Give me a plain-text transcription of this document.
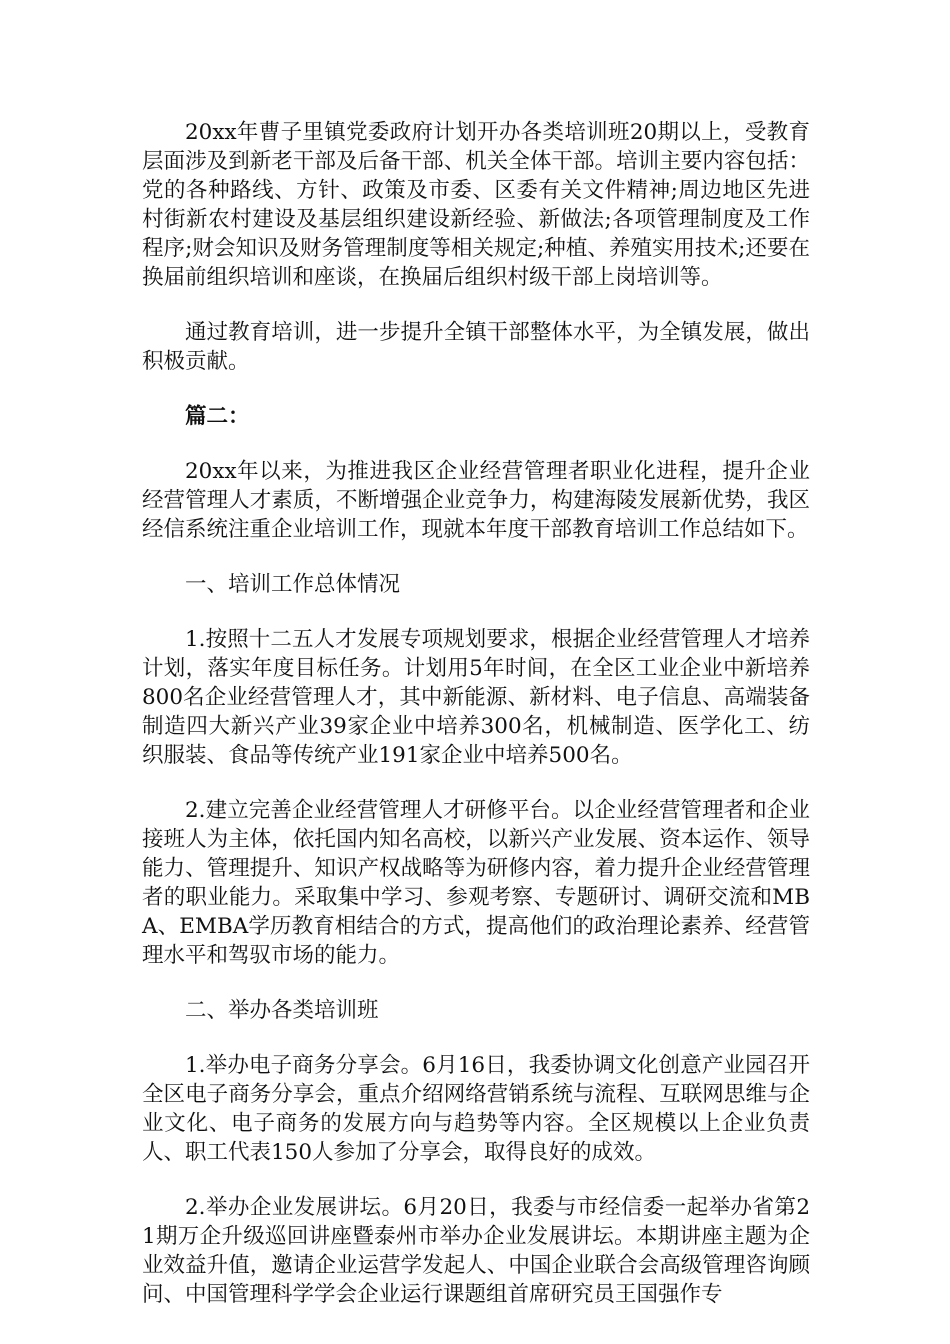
20xx年曹子里镇党委政府计划开办各类培训班20期以上，受教育层面涉及到新老干部及后备干部、机关全体干部。培训主要内容包括：党的各种路线、方针、政策及市委、区委有关文件精神;周边地区先进村街新农村建设及基层组织建设新经验、新做法;各项管理制度及工作程序;财会知识及财务管理制度等相关规定;种植、养殖实用技术;还要在换届前组织培训和座谈，在换届后组织村级干部上岗培训等。

通过教育培训，进一步提升全镇干部整体水平，为全镇发展，做出积极贡献。

篇二：

20xx年以来，为推进我区企业经营管理者职业化进程，提升企业经营管理人才素质，不断增强企业竞争力，构建海陵发展新优势，我区经信系统注重企业培训工作，现就本年度干部教育培训工作总结如下。

一、培训工作总体情况

1.按照十二五人才发展专项规划要求，根据企业经营管理人才培养计划，落实年度目标任务。计划用5年时间，在全区工业企业中新培养800名企业经营管理人才，其中新能源、新材料、电子信息、高端装备制造四大新兴产业39家企业中培养300名，机械制造、医学化工、纺织服装、食品等传统产业191家企业中培养500名。

2.建立完善企业经营管理人才研修平台。以企业经营管理者和企业接班人为主体，依托国内知名高校，以新兴产业发展、资本运作、领导能力、管理提升、知识产权战略等为研修内容，着力提升企业经营管理者的职业能力。采取集中学习、参观考察、专题研讨、调研交流和MBA、EMBA学历教育相结合的方式，提高他们的政治理论素养、经营管理水平和驾驭市场的能力。

二、举办各类培训班

1.举办电子商务分享会。6月16日，我委协调文化创意产业园召开全区电子商务分享会，重点介绍网络营销系统与流程、互联网思维与企业文化、电子商务的发展方向与趋势等内容。全区规模以上企业负责人、职工代表150人参加了分享会，取得良好的成效。

2.举办企业发展讲坛。6月20日，我委与市经信委一起举办省第21期万企升级巡回讲座暨泰州市举办企业发展讲坛。本期讲座主题为企业效益升值，邀请企业运营学发起人、中国企业联合会高级管理咨询顾问、中国管理科学学会企业运行课题组首席研究员王国强作专
